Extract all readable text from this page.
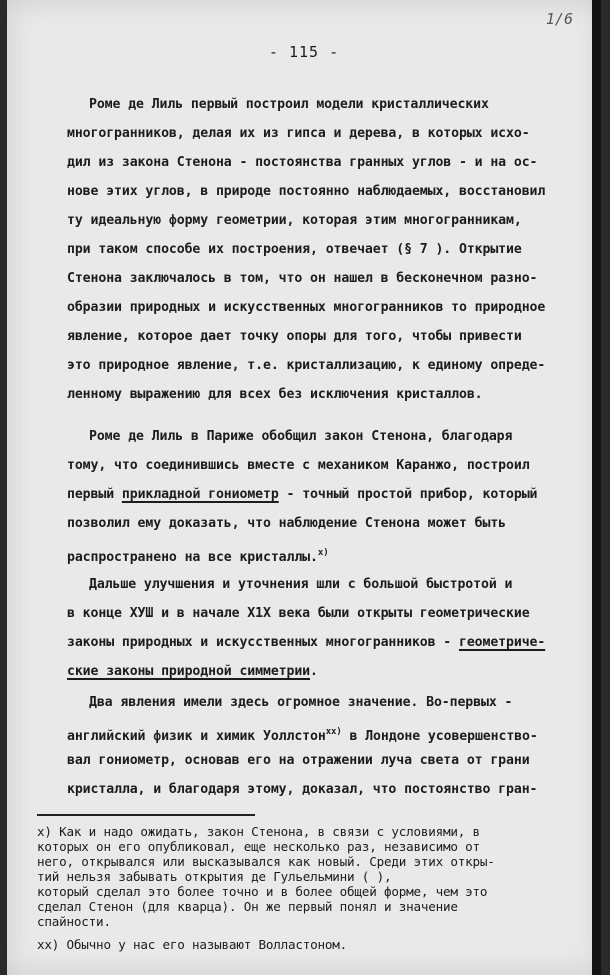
1/6
- 115 -
Роме де Лиль первый построил модели кристаллических
многогранников, делая их из гипса и дерева, в которых исхо-
дил из закона Стенона - постоянства гранных углов - и на ос-
нове этих углов, в природе постоянно наблюдаемых, восстановил
ту идеальную форму геометрии, которая этим многогранникам,
при таком способе их построения, отвечает (§ 7 ). Открытие
Стенона заключалось в том, что он нашел в бесконечном разно-
образии природных и искусственных многогранников то природное
явление, которое дает точку опоры для того, чтобы привести
это природное явление, т.е. кристаллизацию, к единому опреде-
ленному выражению для всех без исключения кристаллов.
Роме де Лиль в Париже обобщил закон Стенона, благодаря
тому, что соединившись вместе с механиком Каранжо, построил
первый прикладной гониометр - точный простой прибор, который
позволил ему доказать, что наблюдение Стенона может быть
распространено на все кристаллы.$^{x)}$
Дальше улучшения и уточнения шли с большой быстротой и
в конце ХУШ и в начале Х1Х века были открыты геометрические
законы природных и искусственных многогранников - геометриче-
ские законы природной симметрии.
Два явления имели здесь огромное значение. Во-первых -
английский физик и химик Уоллстон$^{xx)}$ в Лондоне усовершенство-
вал гониометр, основав его на отражении луча света от грани
кристалла, и благодаря этому, доказал, что постоянство гран-
x) Как и надо ожидать, закон Стенона, в связи с условиями, в
которых он его опубликовал, еще несколько раз, независимо от
него, открывался или высказывался как новый. Среди этих откры-
тий нельзя забывать открытия де Гульельмини ( ),
который сделал это более точно и в более общей форме, чем это
сделал Стенон (для кварца). Он же первый понял и значение
спайности.
xx) Обычно у нас его называют Волластоном.
